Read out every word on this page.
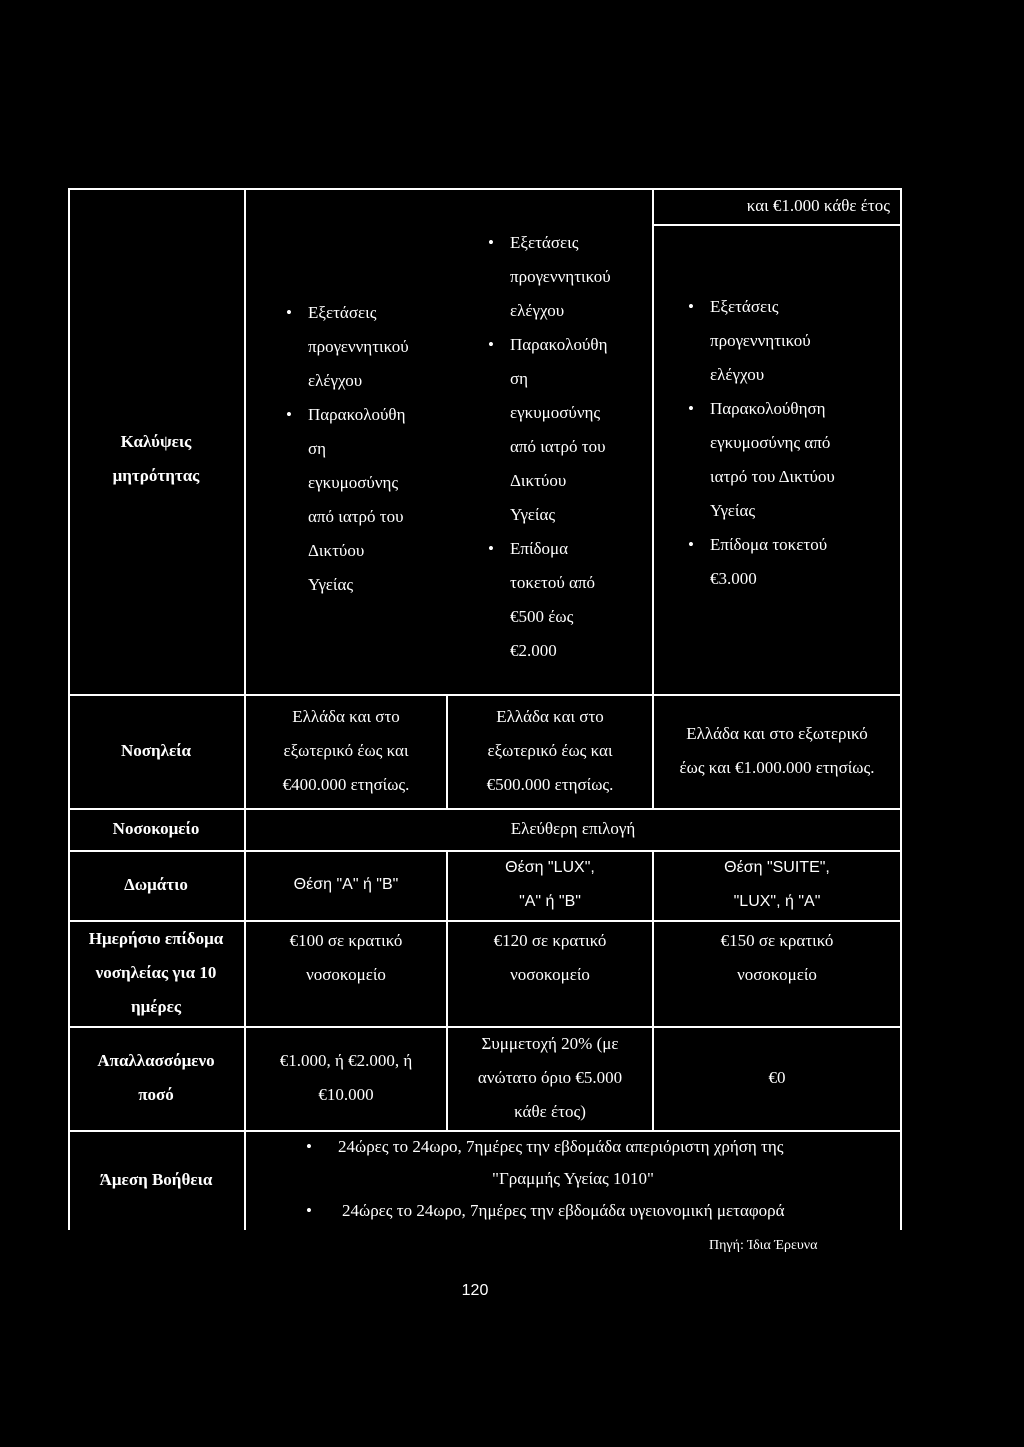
και €1.000 κάθε έτος
Καλύψεις
μητρότητας
• Εξετάσεις
προγεννητικού
ελέγχου
• Παρακολούθη
ση
εγκυμοσύνης
από ιατρό του
Δικτύου
Υγείας
• Εξετάσεις
προγεννητικού
ελέγχου
• Παρακολούθη
ση
εγκυμοσύνης
από ιατρό του
Δικτύου
Υγείας
• Επίδομα
τοκετού από
€500 έως
€2.000
• Εξετάσεις
προγεννητικού
ελέγχου
• Παρακολούθηση
εγκυμοσύνης από
ιατρό του Δικτύου
Υγείας
• Επίδομα τοκετού
€3.000
Νοσηλεία
Ελλάδα και στο
εξωτερικό έως και
€400.000 ετησίως.
Ελλάδα και στο
εξωτερικό έως και
€500.000 ετησίως.
Ελλάδα και στο εξωτερικό
έως και €1.000.000 ετησίως.
Νοσοκομείο	Ελεύθερη επιλογή
Δωμάτιο	Θέση "A" ή "B"
Θέση "LUX",
"A" ή "B"
Θέση "SUITE",
"LUX", ή "A"
Ημερήσιο επίδομα
νοσηλείας για 10
ημέρες
€100 σε κρατικό
νοσοκομείο
€120 σε κρατικό
νοσοκομείο
€150 σε κρατικό
νοσοκομείο
Απαλλασσόμενο
ποσό
€1.000, ή €2.000, ή
€10.000
Συμμετοχή 20% (με
ανώτατο όριο €5.000
κάθε έτος)
€0
Άμεση Βοήθεια
• 24ώρες το 24ωρο, 7ημέρες την εβδομάδα απεριόριστη χρήση της
"Γραμμής Υγείας 1010"
• 24ώρες το 24ωρο, 7ημέρες την εβδομάδα υγειονομική μεταφορά
Πηγή: Ίδια Έρευνα
120
